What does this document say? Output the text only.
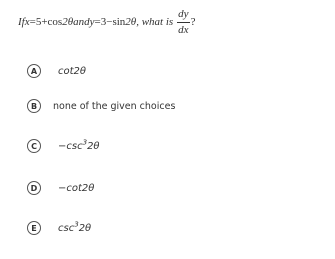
If x =5+ cos 2θ and y =3− sin 2θ , what is $\frac{dy}{dx}$ ?
A	cot2θ
B	none of the given choices
C	$-\csc^32\theta$
D	−cot2θ
E	$\csc^32\theta$
